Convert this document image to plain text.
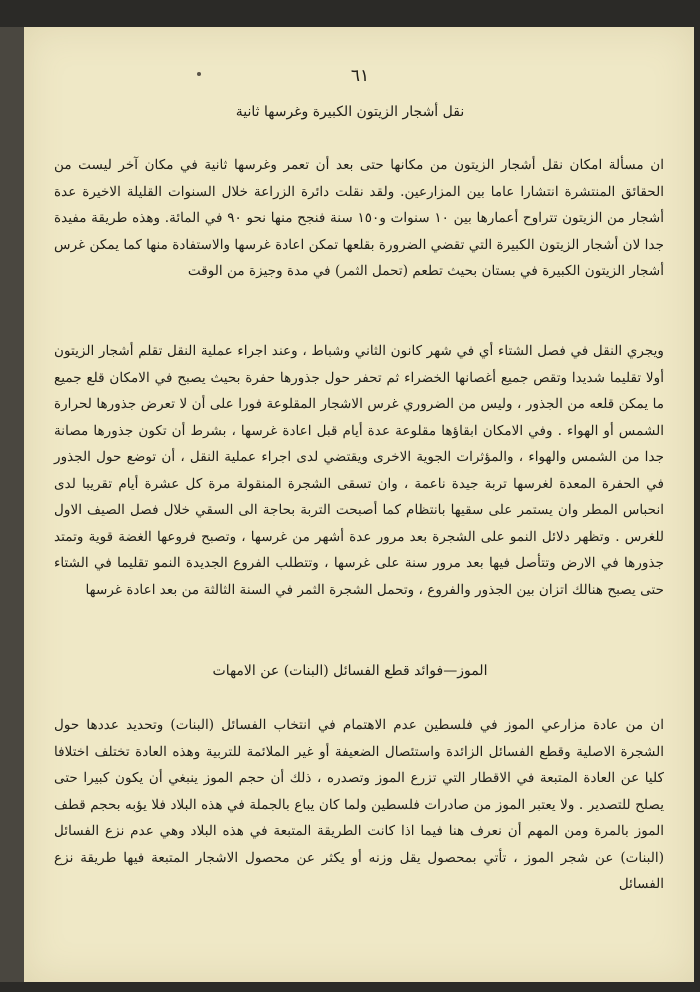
٦١
نقل أشجار الزيتون الكبيرة وغرسها ثانية
ان مسألة امكان نقل أشجار الزيتون من مكانها حتى بعد أن تعمر وغرسها ثانية في مكان آخر ليست من الحقائق المنتشرة انتشارا عاما بين المزارعين. ولقد نقلت دائرة الزراعة خلال السنوات القليلة الاخيرة عدة أشجار من الزيتون تتراوح أعمارها بين ١٠ سنوات و١٥٠ سنة فنجح منها نحو ٩٠ في المائة. وهذه طريقة مفيدة جدا لان أشجار الزيتون الكبيرة التي تقضي الضرورة بقلعها تمكن اعادة غرسها والاستفادة منها كما يمكن غرس أشجار الزيتون الكبيرة في بستان بحيث تطعم (تحمل الثمر) في مدة وجيزة من الوقت
ويجري النقل في فصل الشتاء أي في شهر كانون الثاني وشباط ، وعند اجراء عملية النقل تقلم أشجار الزيتون أولا تقليما شديدا وتقص جميع أغصانها الخضراء ثم تحفر حول جذورها حفرة بحيث يصبح في الامكان قلع جميع ما يمكن قلعه من الجذور ، وليس من الضروري غرس الاشجار المقلوعة فورا على أن لا تعرض جذورها لحرارة الشمس أو الهواء . وفي الامكان ابقاؤها مقلوعة عدة أيام قبل اعادة غرسها ، بشرط أن تكون جذورها مصانة جدا من الشمس والهواء ، والمؤثرات الجوية الاخرى ويقتضي لدى اجراء عملية النقل ، أن توضع حول الجذور في الحفرة المعدة لغرسها تربة جيدة ناعمة ، وان تسقى الشجرة المنقولة مرة كل عشرة أيام تقريبا لدى انحباس المطر وان يستمر على سقيها بانتظام كما أصبحت التربة بحاجة الى السقي خلال فصل الصيف الاول للغرس . وتظهر دلائل النمو على الشجرة بعد مرور عدة أشهر من غرسها ، وتصبح فروعها الغضة قوية وتمتد جذورها في الارض وتتأصل فيها بعد مرور سنة على غرسها ، وتتطلب الفروع الجديدة النمو تقليما في الشتاء حتى يصبح هنالك اتزان بين الجذور والفروع ، وتحمل الشجرة الثمر في السنة الثالثة من بعد اعادة غرسها
الموز—فوائد قطع الفسائل (البنات) عن الامهات
ان من عادة مزارعي الموز في فلسطين عدم الاهتمام في انتخاب الفسائل (البنات) وتحديد عددها حول الشجرة الاصلية وقطع الفسائل الزائدة واستئصال الضعيفة أو غير الملائمة للتربية وهذه العادة تختلف اختلافا كليا عن العادة المتبعة في الاقطار التي تزرع الموز وتصدره ، ذلك أن حجم الموز ينبغي أن يكون كبيرا حتى يصلح للتصدير . ولا يعتبر الموز من صادرات فلسطين ولما كان يباع بالجملة في هذه البلاد فلا يؤبه بحجم قطف الموز بالمرة ومن المهم أن نعرف هنا فيما اذا كانت الطريقة المتبعة في هذه البلاد وهي عدم نزع الفسائل (البنات) عن شجر الموز ، تأتي بمحصول يقل وزنه أو يكثر عن محصول الاشجار المتبعة فيها طريقة نزع الفسائل
